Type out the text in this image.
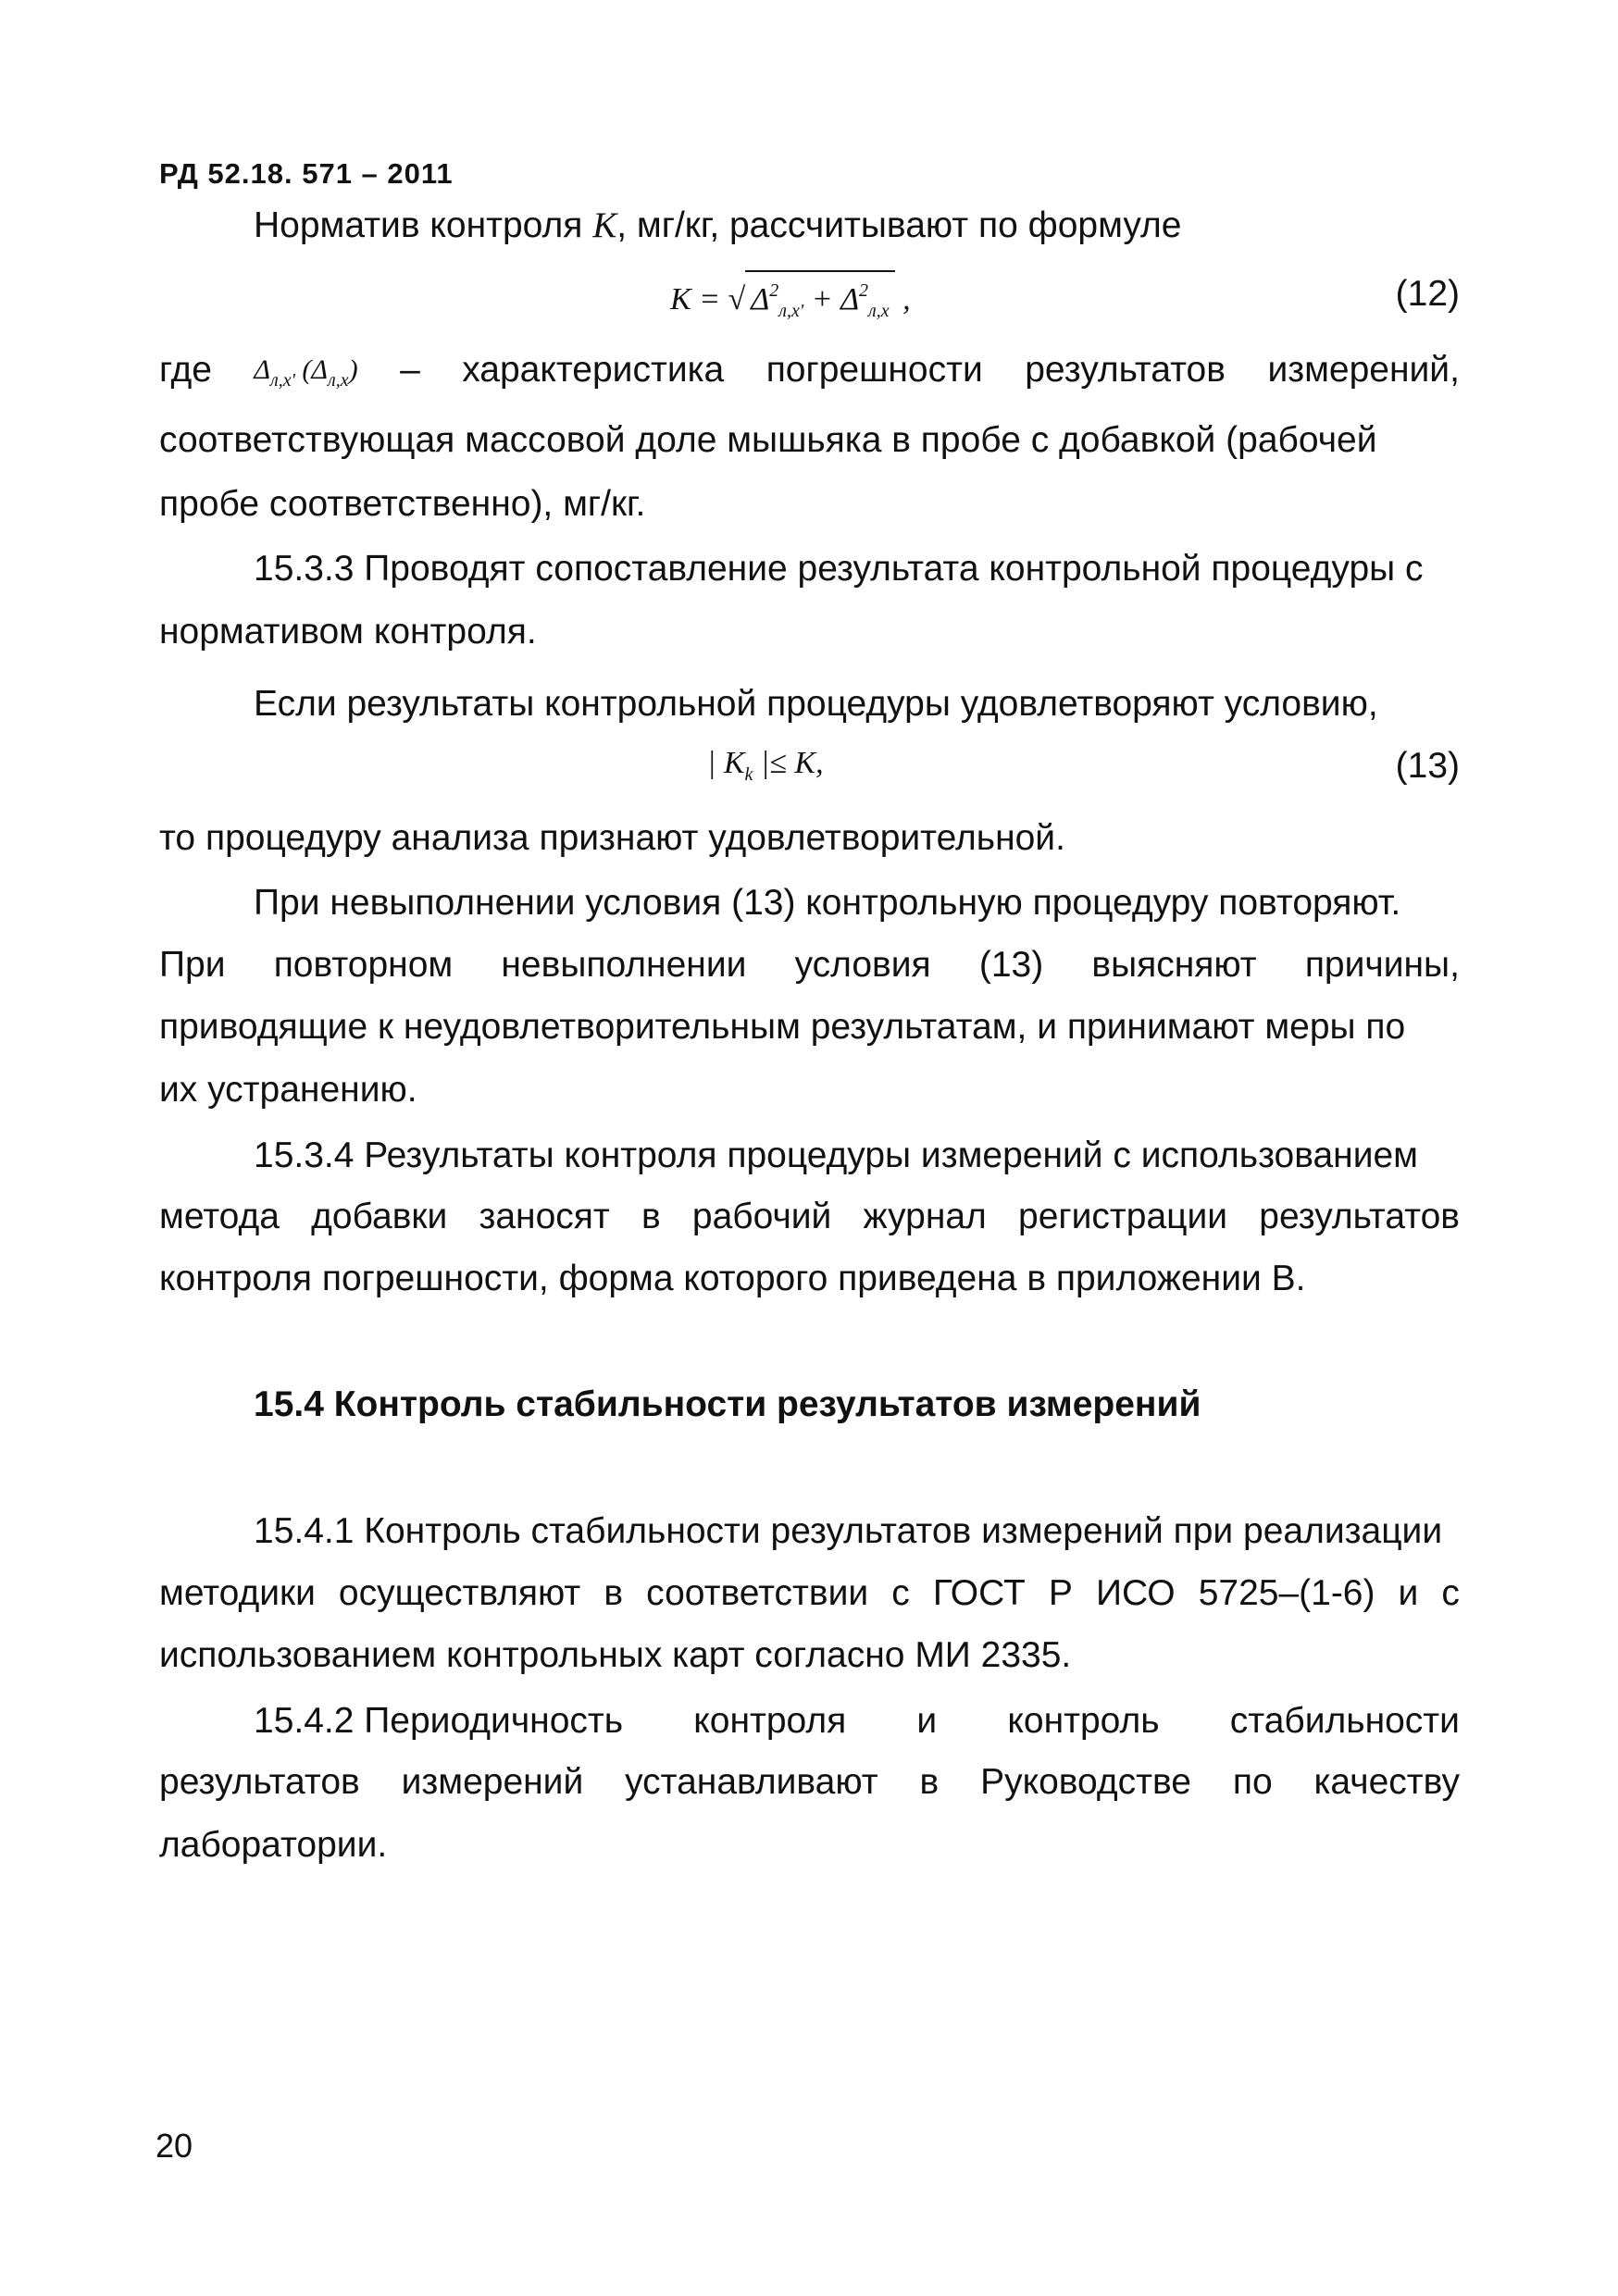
РД 52.18. 571 – 2011
Норматив контроля K, мг/кг, рассчитывают по формуле
K = √ $\Delta^2_{л,х'} + \Delta^2_{л,х}$ ,	(12)
где $\Delta_{л,х'}$ $(\Delta_{л,х})$ – характеристика погрешности результатов измерений,
соответствующая массовой доле мышьяка в пробе с добавкой (рабочей
пробе соответственно), мг/кг.
15.3.3 Проводят сопоставление результата контрольной процедуры с
нормативом контроля.
Если результаты контрольной процедуры удовлетворяют условию,
| $K_k$ |≤ K,	(13)
то процедуру анализа признают удовлетворительной.
При невыполнении условия (13) контрольную процедуру повторяют.
При повторном невыполнении условия (13) выясняют причины,
приводящие к неудовлетворительным результатам, и принимают меры по
их устранению.
15.3.4 Результаты контроля процедуры измерений с использованием
метода добавки заносят в рабочий журнал регистрации результатов
контроля погрешности, форма которого приведена в приложении В.
15.4 Контроль стабильности результатов измерений
15.4.1 Контроль стабильности результатов измерений при реализации
методики осуществляют в соответствии с ГОСТ Р ИСО 5725–(1-6) и с
использованием контрольных карт согласно МИ 2335.
15.4.2 Периодичность контроля и контроль стабильности
результатов измерений устанавливают в Руководстве по качеству
лаборатории.
20
